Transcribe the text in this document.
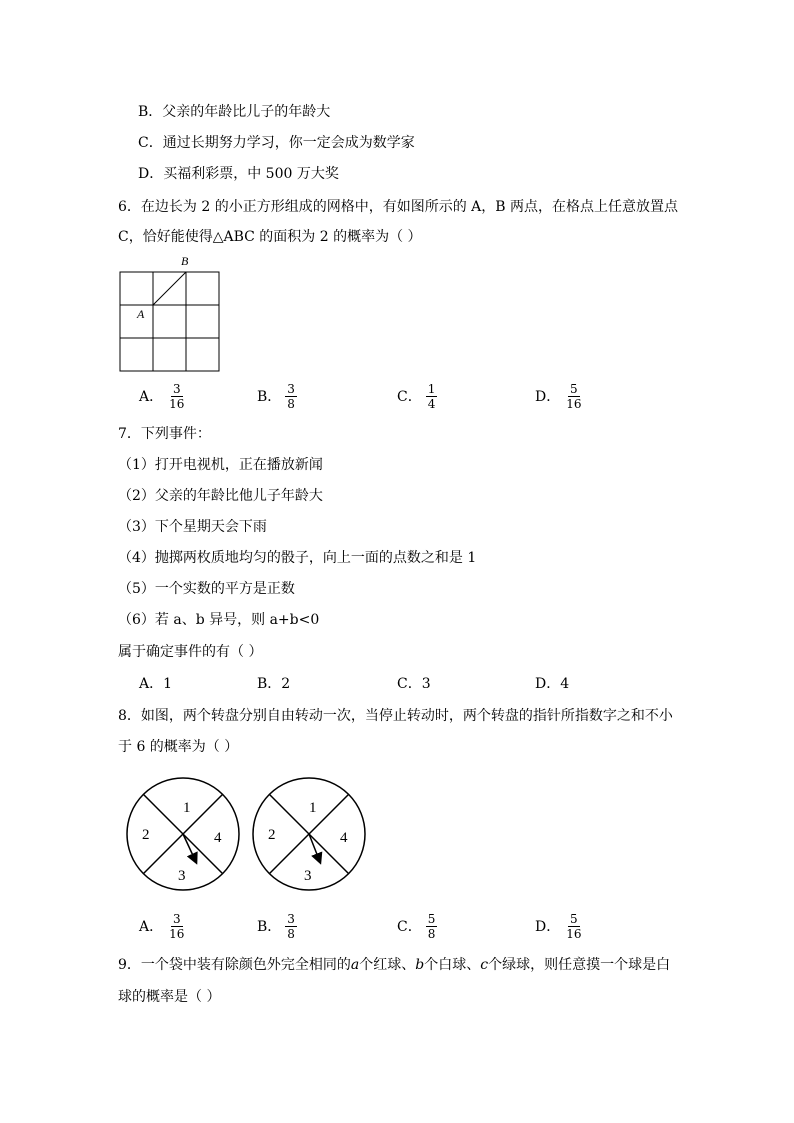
B．父亲的年龄比儿子的年龄大
C．通过长期努力学习，你一定会成为数学家
D．买福利彩票，中 500 万大奖
6．在边长为 2 的小正方形组成的网格中，有如图所示的 A，B 两点，在格点上任意放置点
C，恰好能使得△ABC 的面积为 2 的概率为（ ）
A
B
A． $\frac{3}{16}$	B． $\frac{3}{8}$	C． $\frac{1}{4}$	D． $\frac{5}{16}$
7．下列事件：
（1）打开电视机，正在播放新闻
（2）父亲的年龄比他儿子年龄大
（3）下个星期天会下雨
（4）抛掷两枚质地均匀的骰子，向上一面的点数之和是 1
（5）一个实数的平方是正数
（6）若 a、b 异号，则 a+b<0
属于确定事件的有（ ）
A．1	B．2	C．3	D．4
8．如图，两个转盘分别自由转动一次，当停止转动时，两个转盘的指针所指数字之和不小
于 6 的概率为（ ）
1
2
3
4
1
2
3
4
A． $\frac{3}{16}$	B． $\frac{3}{8}$	C． $\frac{5}{8}$	D． $\frac{5}{16}$
9．一个袋中装有除颜色外完全相同的a个红球、b个白球、c个绿球，则任意摸一个球是白
球的概率是（ ）
